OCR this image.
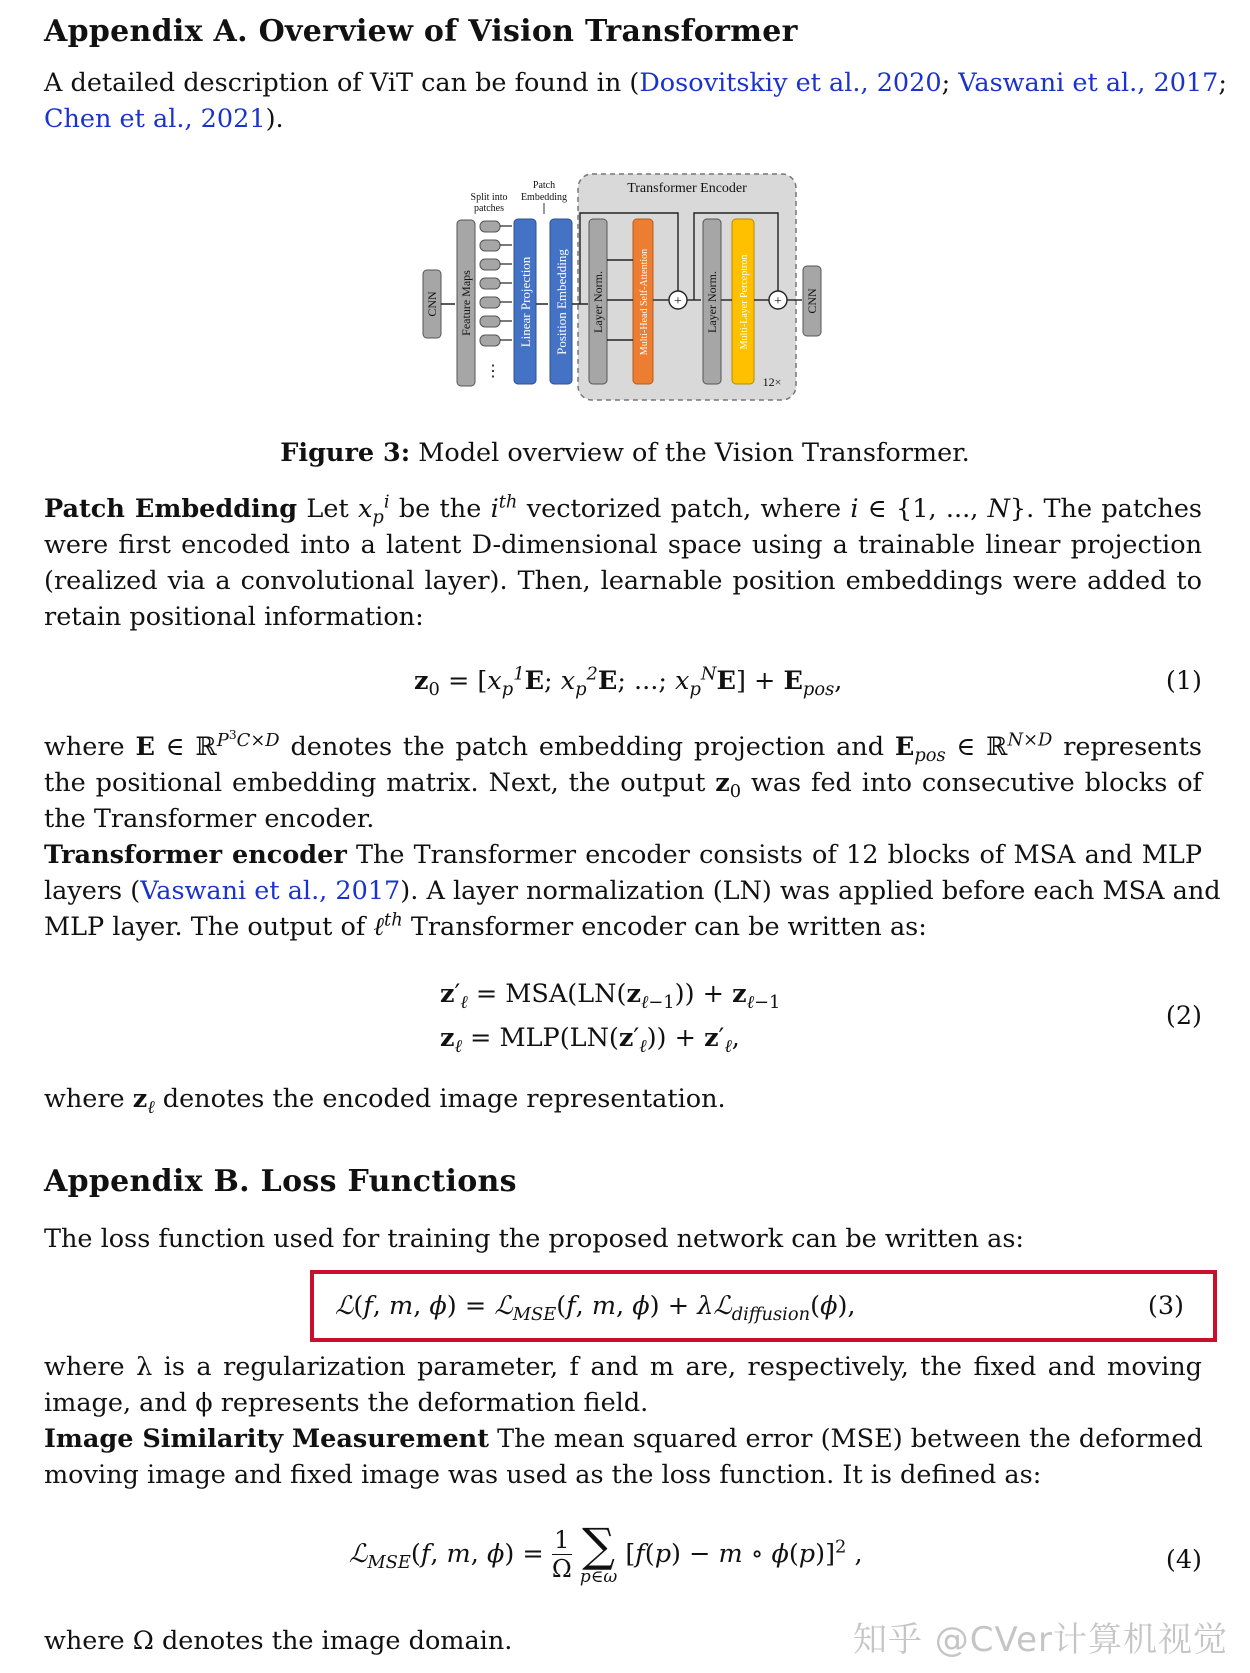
Appendix A. Overview of Vision Transformer
A detailed description of ViT can be found in (Dosovitskiy et al., 2020; Vaswani et al., 2017;
Chen et al., 2021).
Transformer Encoder
Split into
patches
Patch
Embedding
CNN Feature Maps
⋮
Linear Projection Position Embedding Layer Norm.	Multi-Head Self-Attention + Layer Norm. Multi-Layer Perceptron +
12×
CNN
Figure 3: Model overview of the Vision Transformer.
Patch Embedding Let $x_p^i$ be the $i^{th}$ vectorized patch, where i ∈ {1, ..., N}. The patches
were first encoded into a latent D-dimensional space using a trainable linear projection
(realized via a convolutional layer). Then, learnable position embeddings were added to
retain positional information:
$z_0 = [x_p^1E$; $x_p^2E$; ...; $x_p^NE] + E_{pos}$,	(1)
where E ∈ ℝ$^{P^3C\times D}$ denotes the patch embedding projection and $E_{pos}$ ∈ ℝ$^{N\times D}$ represents
the positional embedding matrix. Next, the output $z_0$ was fed into consecutive blocks of
the Transformer encoder.
Transformer encoder The Transformer encoder consists of 12 blocks of MSA and MLP
layers (Vaswani et al., 2017). A layer normalization (LN) was applied before each MSA and
MLP layer. The output of ℓ$^{th}$ Transformer encoder can be written as:
$z'_\ell = MSA(LN(z_{\ell-1})) + z_{\ell-1}$
$z_\ell = MLP(LN(z'_\ell)) + z'_\ell$,
(2)
where $z_\ell$ denotes the encoded image representation.
Appendix B. Loss Functions
The loss function used for training the proposed network can be written as:
ℒ(f, m, ϕ) = ℒ$_{MSE}$(f, m, ϕ) + λℒ$_{diffusion}$(ϕ),	(3)
where λ is a regularization parameter, f and m are, respectively, the fixed and moving
image, and ϕ represents the deformation field.
Image Similarity Measurement The mean squared error (MSE) between the deformed
moving image and fixed image was used as the loss function. It is defined as:
ℒ$_{MSE}$(f, m, $\phi) = \frac{1}{\Omega}$
∑
p∈ω
[f(p) − m ∘ ϕ(p)]$^2$ ,	(4)
where Ω denotes the image domain.	知乎 @CVer计算机视觉
